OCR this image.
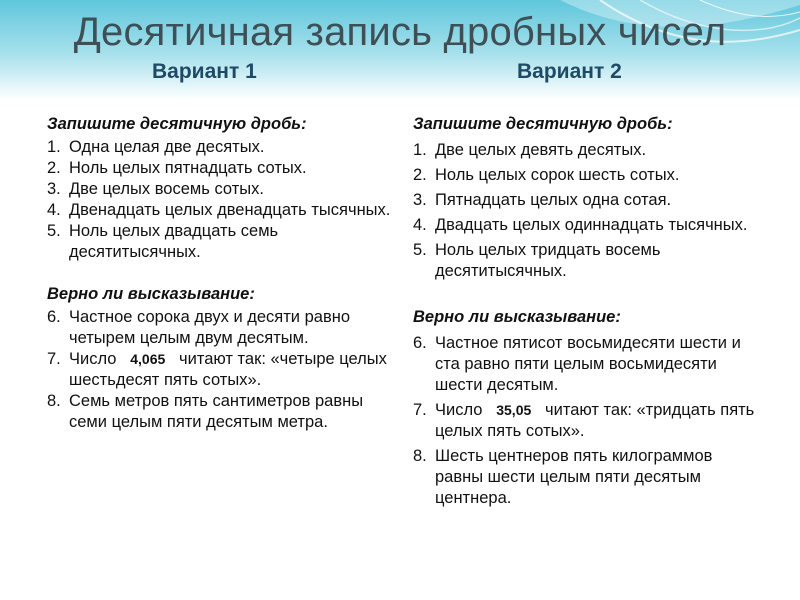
Десятичная запись дробных чисел
Вариант 1	Вариант 2
Запишите десятичную дробь:
1. Одна целая две десятых.
2. Ноль целых пятнадцать сотых.
3. Две целых восемь сотых.
4. Двенадцать целых двенадцать тысячных.
5. Ноль целых двадцать семь десятитысячных.
Верно ли высказывание:
6. Частное сорока двух и десяти равно четырем целым двум десятым.
7. Число 4,065 читают так: «четыре целых шестьдесят пять сотых».
8. Семь метров пять сантиметров равны семи целым пяти десятым метра.
Запишите десятичную дробь:
1. Две целых девять десятых.
2. Ноль целых сорок шесть сотых.
3. Пятнадцать целых одна сотая.
4. Двадцать целых одиннадцать тысячных.
5. Ноль целых тридцать восемь десятитысячных.
Верно ли высказывание:
6. Частное пятисот восьмидесяти шести и ста равно пяти целым восьмидесяти шести десятым.
7. Число 35,05 читают так: «тридцать пять целых пять сотых».
8. Шесть центнеров пять килограммов равны шести целым пяти десятым центнера.
